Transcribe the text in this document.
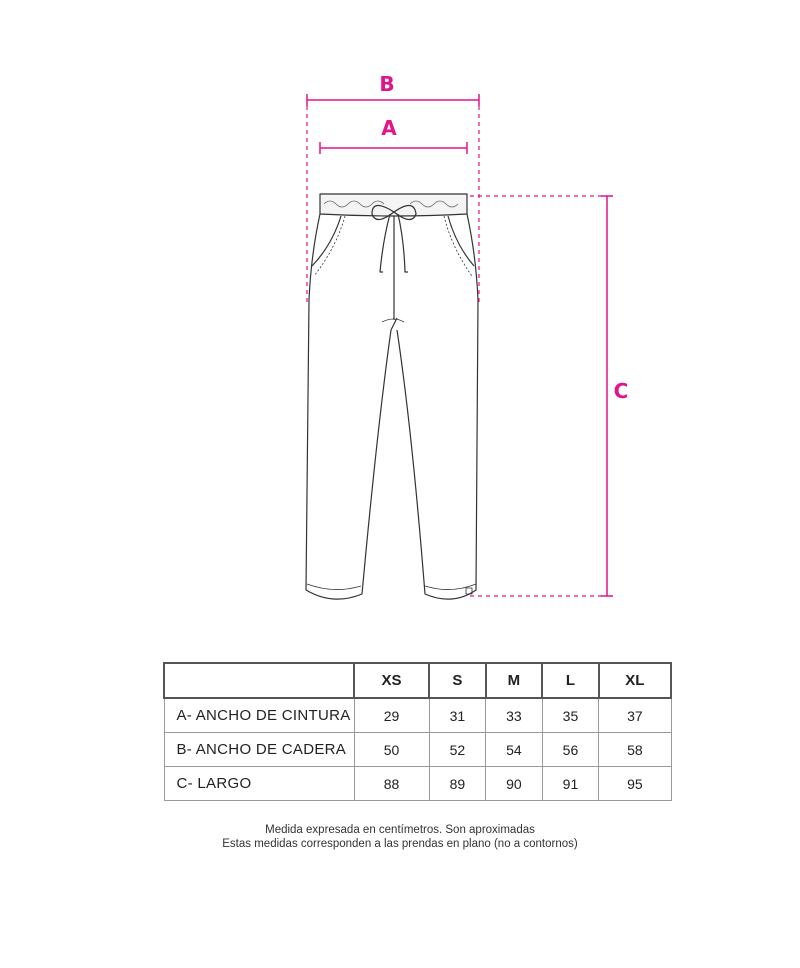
B
A
C
	XS	S	M	L	XL
A- ANCHO DE CINTURA	29	31	33	35	37
B- ANCHO DE CADERA	50	52	54	56	58
C- LARGO	88	89	90	91	95
Medida expresada en centímetros. Son aproximadas
Estas medidas corresponden a las prendas en plano (no a contornos)
